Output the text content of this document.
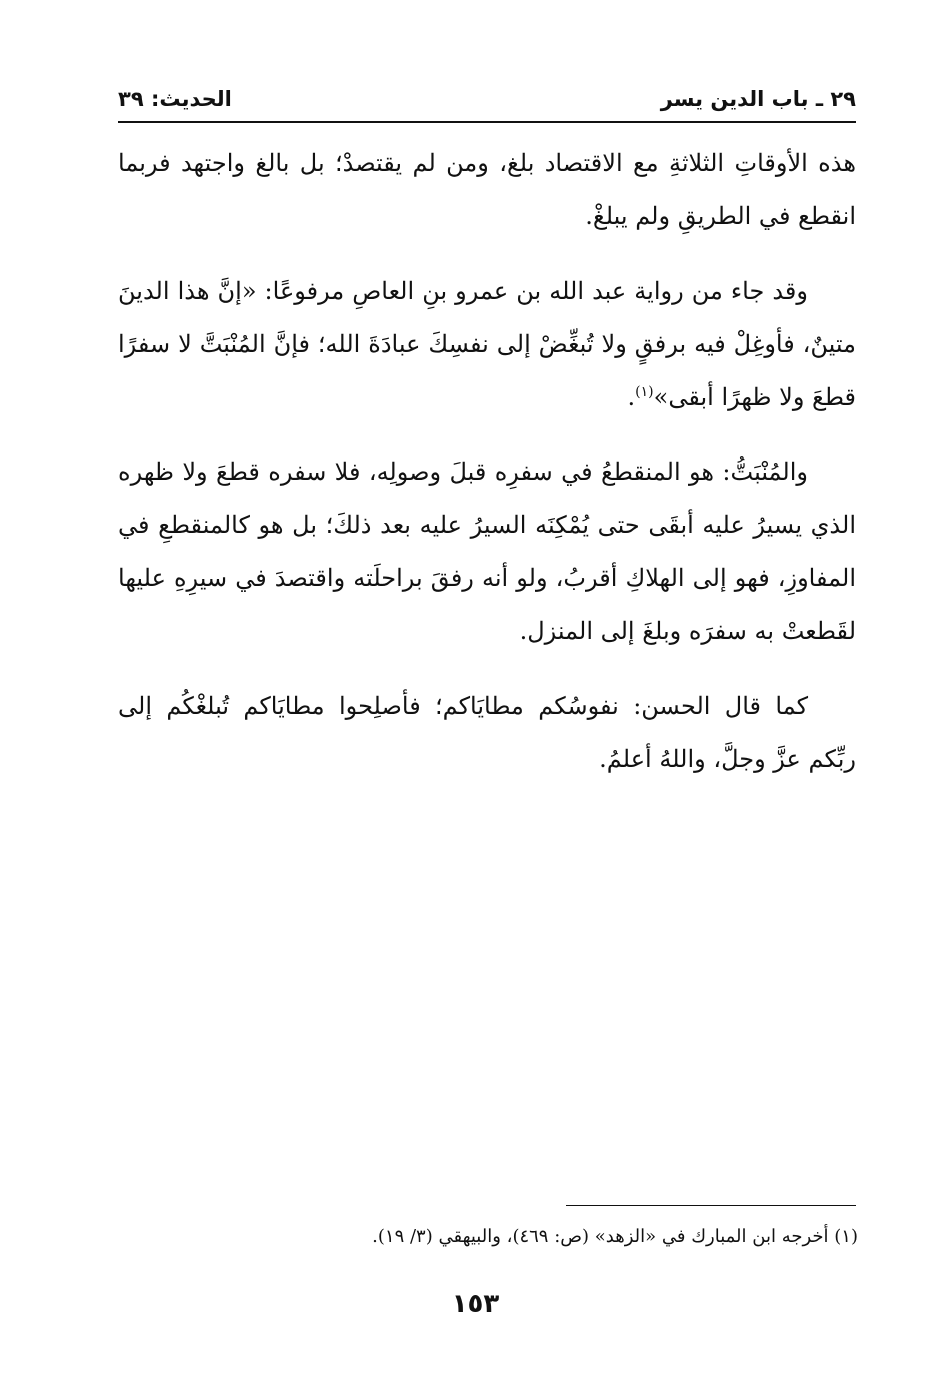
٢٩ ـ باب الدين يسر
الحديث: ٣٩

هذه الأوقاتِ الثلاثةِ مع الاقتصاد بلغ، ومن لم يقتصدْ؛ بل بالغ واجتهد فربما انقطع في الطريقِ ولم يبلغْ.

وقد جاء من رواية عبد الله بن عمرو بنِ العاصِ مرفوعًا: «إنَّ هذا الدينَ متينٌ، فأوغِلْ فيه برفقٍ ولا تُبغِّضْ إلى نفسِكَ عبادَةَ الله؛ فإنَّ المُنْبَتَّ لا سفرًا قطعَ ولا ظهرًا أبقى»$^{(١)}$.

والمُنْبَتُّ: هو المنقطعُ في سفرِه قبلَ وصولِه، فلا سفره قطعَ ولا ظهره الذي يسيرُ عليه أبقَى حتى يُمْكِنَه السيرُ عليه بعد ذلكَ؛ بل هو كالمنقطعِ في المفاوزِ، فهو إلى الهلاكِ أقربُ، ولو أنه رفقَ براحلَته واقتصدَ في سيرِهِ عليها لقَطعتْ به سفرَه وبلغَ إلى المنزل.

كما قال الحسن: نفوسُكم مطايَاكم؛ فأصلِحوا مطايَاكم تُبلغْكُم إلى ربِّكم عزَّ وجلَّ، واللهُ أعلمُ.

(١) أخرجه ابن المبارك في «الزهد» (ص: ٤٦٩)، والبيهقي (٣/ ١٩).
١٥٣
